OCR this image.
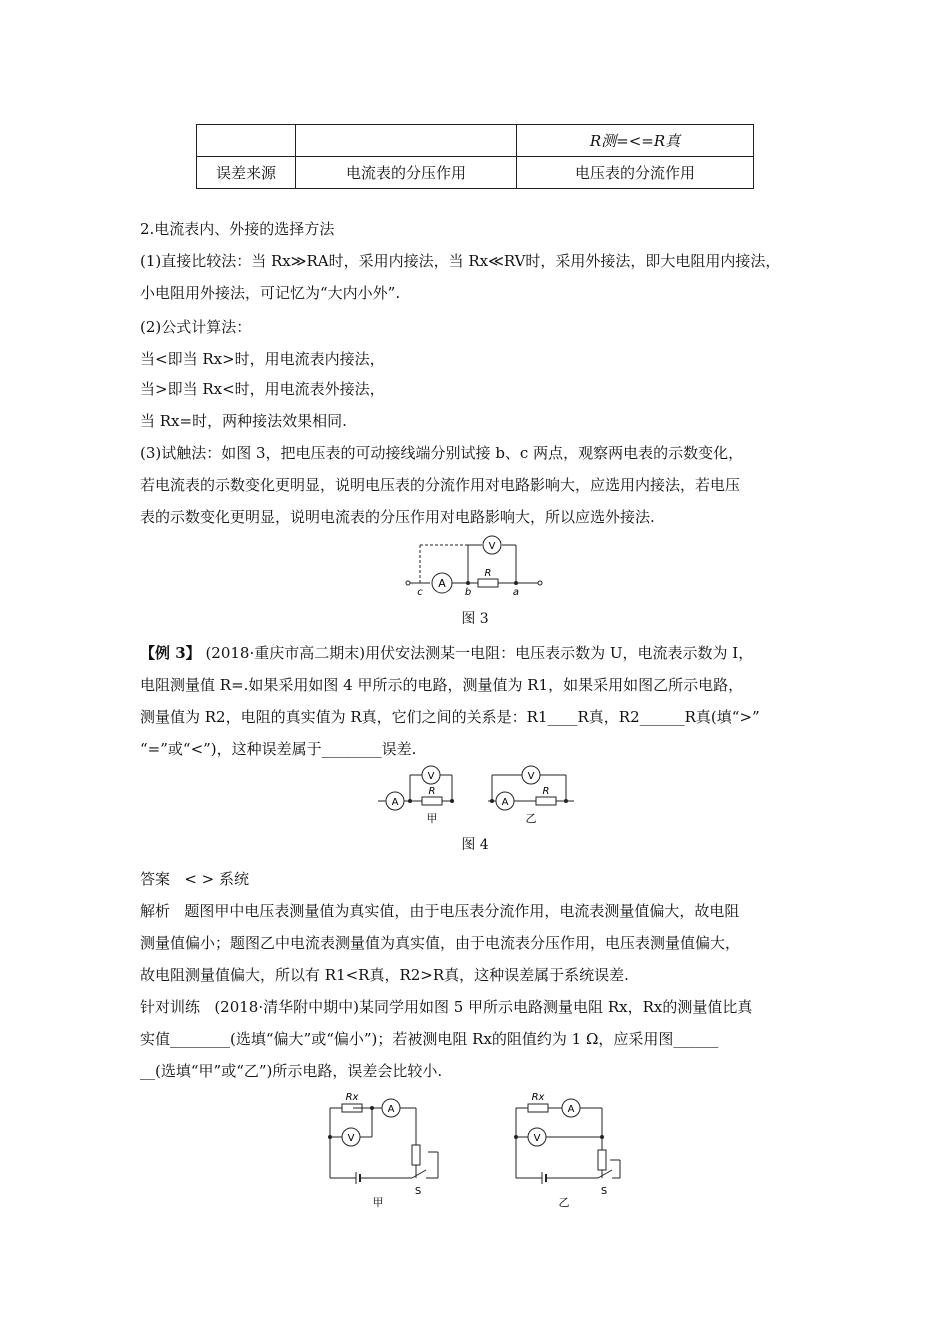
		R测=<=R真
误差来源	电流表的分压作用	电压表的分流作用
2.电流表内、外接的选择方法
(1)直接比较法：当 Rx≫RA时，采用内接法，当 Rx≪RV时，采用外接法，即大电阻用内接法，
小电阻用外接法，可记忆为“大内小外”.
(2)公式计算法：
当<即当 Rx>时，用电流表内接法，
当>即当 Rx<时，用电流表外接法，
当 Rx=时，两种接法效果相同.
(3)试触法：如图 3，把电压表的可动接线端分别试接 b、c 两点，观察两电表的示数变化，
若电流表的示数变化更明显，说明电压表的分流作用对电路影响大，应选用内接法，若电压
表的示数变化更明显，说明电流表的分压作用对电路影响大，所以应选外接法.
A
V
R
c	b	a
图 3
【例 3】 (2018·重庆市高二期末)用伏安法测某一电阻：电压表示数为 U，电流表示数为 I，
电阻测量值 R=.如果采用如图 4 甲所示的电路，测量值为 R1，如果采用如图乙所示电路，
测量值为 R2，电阻的真实值为 R真，它们之间的关系是：R1____R真，R2______R真(填“>”
“=”或“<”)，这种误差属于________误差.
A
V
R
甲
A
V
R
乙
图 4
答案 < > 系统
解析 题图甲中电压表测量值为真实值，由于电压表分流作用，电流表测量值偏大，故电阻
测量值偏小；题图乙中电流表测量值为真实值，由于电流表分压作用，电压表测量值偏大，
故电阻测量值偏大，所以有 R1<R真，R2>R真，这种误差属于系统误差.
针对训练 (2018·清华附中期中)某同学用如图 5 甲所示电路测量电阻 Rx，Rx的测量值比真
实值________(选填“偏大”或“偏小”)；若被测电阻 Rx的阻值约为 1 Ω，应采用图______
__(选填“甲”或“乙”)所示电路，误差会比较小.
Rx
A
V
S
甲
Rx
A
V
S
乙
